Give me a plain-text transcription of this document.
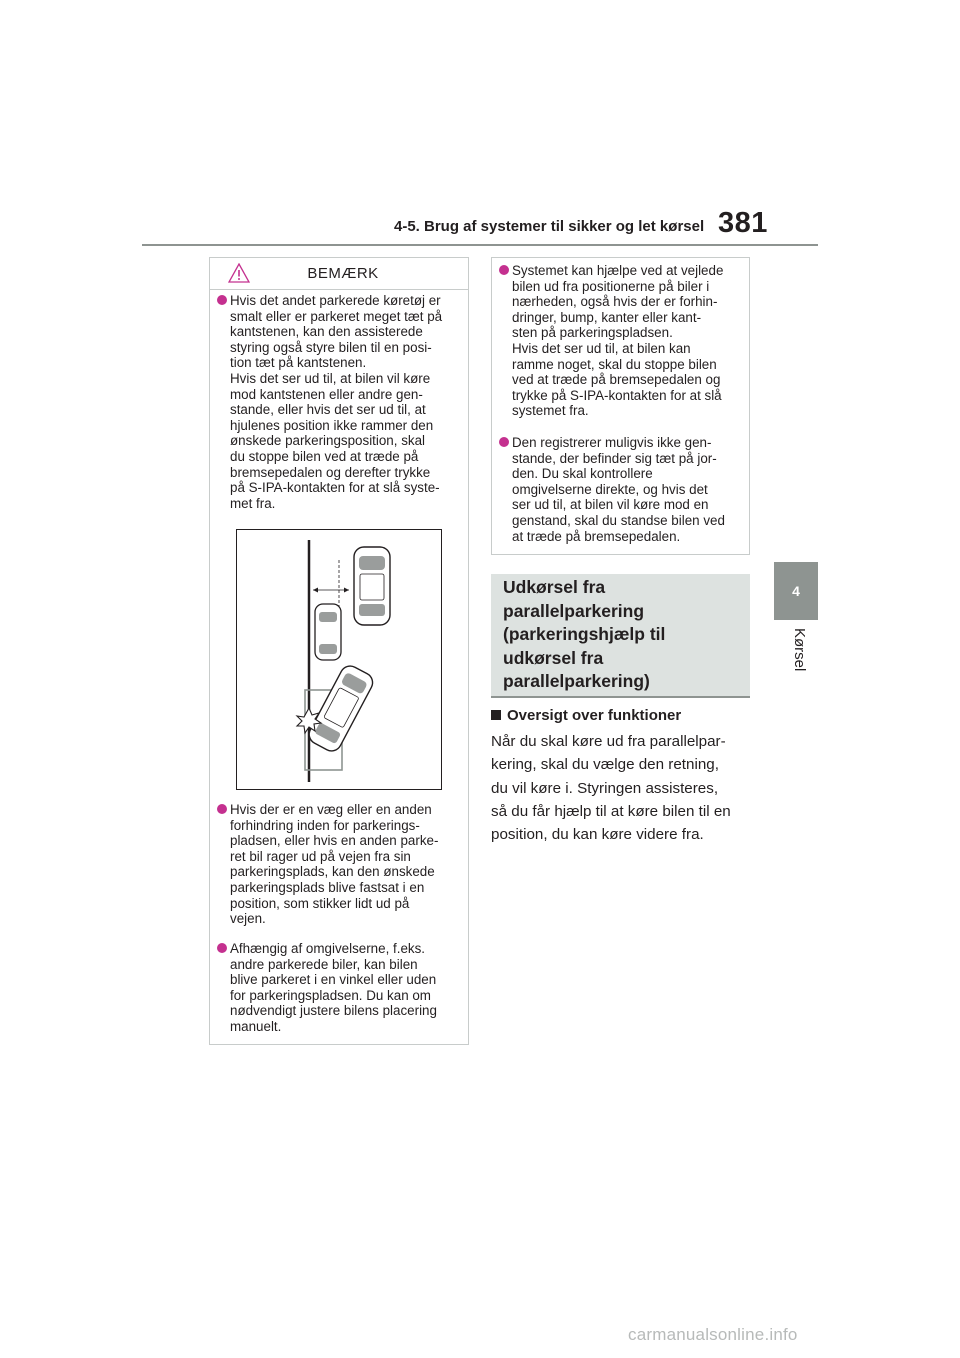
4-5. Brug af systemer til sikker og let kørsel 381
4
Kørsel
BEMÆRK
Hvis det andet parkerede køretøj er
smalt eller er parkeret meget tæt på
kantstenen, kan den assisterede
styring også styre bilen til en posi-
tion tæt på kantstenen.
Hvis det ser ud til, at bilen vil køre
mod kantstenen eller andre gen-
stande, eller hvis det ser ud til, at
hjulenes position ikke rammer den
ønskede parkeringsposition, skal
du stoppe bilen ved at træde på
bremsepedalen og derefter trykke
på S-IPA-kontakten for at slå syste-
met fra.
Hvis der er en væg eller en anden
forhindring inden for parkerings-
pladsen, eller hvis en anden parke-
ret bil rager ud på vejen fra sin
parkeringsplads, kan den ønskede
parkeringsplads blive fastsat i en
position, som stikker lidt ud på
vejen.
Afhængig af omgivelserne, f.eks.
andre parkerede biler, kan bilen
blive parkeret i en vinkel eller uden
for parkeringspladsen. Du kan om
nødvendigt justere bilens placering
manuelt.
Systemet kan hjælpe ved at vejlede
bilen ud fra positionerne på biler i
nærheden, også hvis der er forhin-
dringer, bump, kanter eller kant-
sten på parkeringspladsen.
Hvis det ser ud til, at bilen kan
ramme noget, skal du stoppe bilen
ved at træde på bremsepedalen og
trykke på S-IPA-kontakten for at slå
systemet fra.
Den registrerer muligvis ikke gen-
stande, der befinder sig tæt på jor-
den. Du skal kontrollere
omgivelserne direkte, og hvis det
ser ud til, at bilen vil køre mod en
genstand, skal du standse bilen ved
at træde på bremsepedalen.
Udkørsel fra
parallelparkering
(parkeringshjælp til
udkørsel fra
parallelparkering)
Oversigt over funktioner
Når du skal køre ud fra parallelpar-
kering, skal du vælge den retning,
du vil køre i. Styringen assisteres,
så du får hjælp til at køre bilen til en
position, du kan køre videre fra.
carmanualsonline.info
